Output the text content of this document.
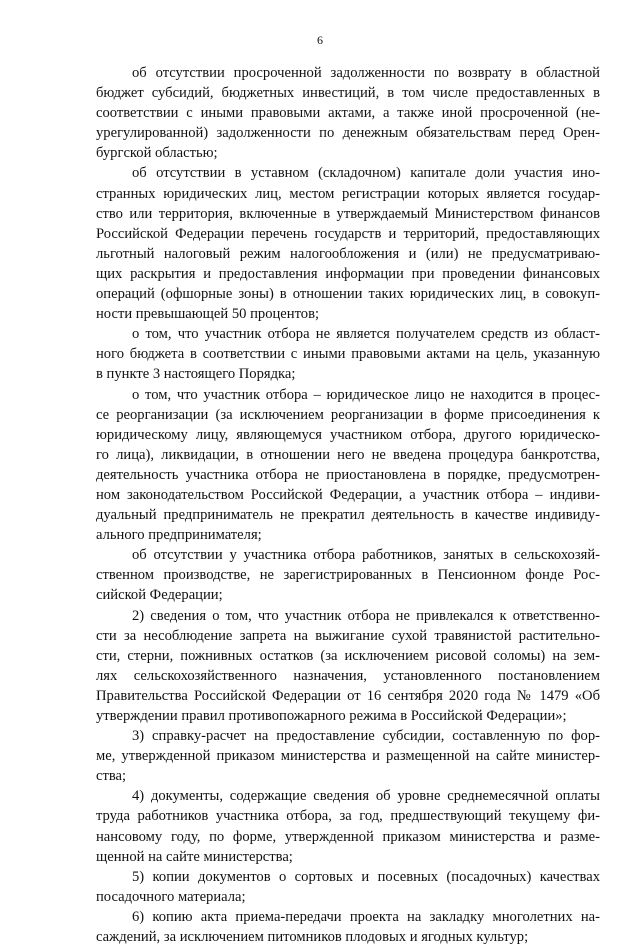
6
об отсутствии просроченной задолженности по возврату в областной
бюджет субсидий, бюджетных инвестиций, в том числе предоставленных в
соответствии с иными правовыми актами, а также иной просроченной (не-
урегулированной) задолженности по денежным обязательствам перед Орен-
бургской областью;
об отсутствии в уставном (складочном) капитале доли участия ино-
странных юридических лиц, местом регистрации которых является государ-
ство или территория, включенные в утверждаемый Министерством финансов
Российской Федерации перечень государств и территорий, предоставляющих
льготный налоговый режим налогообложения и (или) не предусматриваю-
щих раскрытия и предоставления информации при проведении финансовых
операций (офшорные зоны) в отношении таких юридических лиц, в совокуп-
ности превышающей 50 процентов;
о том, что участник отбора не является получателем средств из област-
ного бюджета в соответствии с иными правовыми актами на цель, указанную
в пункте 3 настоящего Порядка;
о том, что участник отбора – юридическое лицо не находится в процес-
се реорганизации (за исключением реорганизации в форме присоединения к
юридическому лицу, являющемуся участником отбора, другого юридическо-
го лица), ликвидации, в отношении него не введена процедура банкротства,
деятельность участника отбора не приостановлена в порядке, предусмотрен-
ном законодательством Российской Федерации, а участник отбора – индиви-
дуальный предприниматель не прекратил деятельность в качестве индивиду-
ального предпринимателя;
об отсутствии у участника отбора работников, занятых в сельскохозяй-
ственном производстве, не зарегистрированных в Пенсионном фонде Рос-
сийской Федерации;
2) сведения о том, что участник отбора не привлекался к ответственно-
сти за несоблюдение запрета на выжигание сухой травянистой растительно-
сти, стерни, пожнивных остатков (за исключением рисовой соломы) на зем-
лях сельскохозяйственного назначения, установленного постановлением
Правительства Российской Федерации от 16 сентября 2020 года № 1479 «Об
утверждении правил противопожарного режима в Российской Федерации»;
3) справку-расчет на предоставление субсидии, составленную по фор-
ме, утвержденной приказом министерства и размещенной на сайте министер-
ства;
4) документы, содержащие сведения об уровне среднемесячной оплаты
труда работников участника отбора, за год, предшествующий текущему фи-
нансовому году, по форме, утвержденной приказом министерства и разме-
щенной на сайте министерства;
5) копии документов о сортовых и посевных (посадочных) качествах
посадочного материала;
6) копию акта приема-передачи проекта на закладку многолетних на-
саждений, за исключением питомников плодовых и ягодных культур;
